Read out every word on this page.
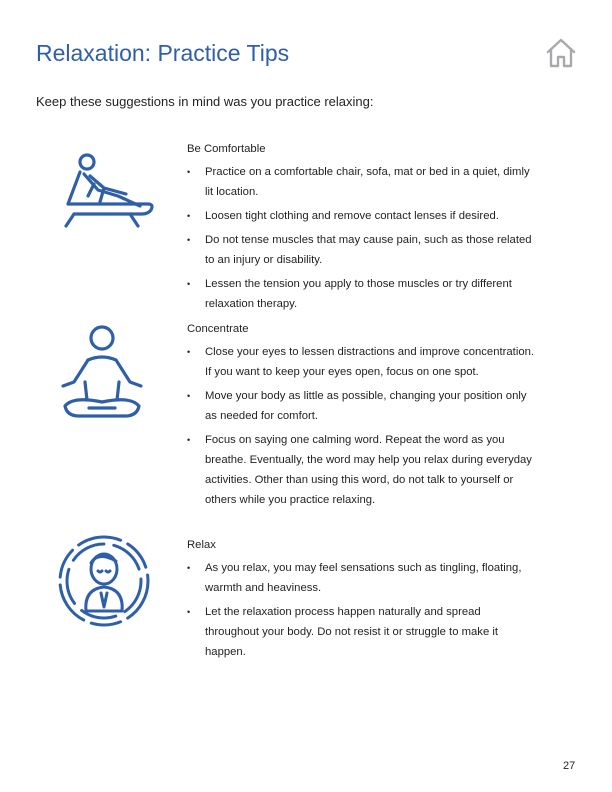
Relaxation: Practice Tips
Keep these suggestions in mind was you practice relaxing:
Be Comfortable
• Practice on a comfortable chair, sofa, mat or bed in a quiet, dimly lit location.
• Loosen tight clothing and remove contact lenses if desired.
• Do not tense muscles that may cause pain, such as those related to an injury or disability.
• Lessen the tension you apply to those muscles or try different relaxation therapy.
Concentrate
• Close your eyes to lessen distractions and improve concentration. If you want to keep your eyes open, focus on one spot.
• Move your body as little as possible, changing your position only as needed for comfort.
• Focus on saying one calming word. Repeat the word as you breathe. Eventually, the word may help you relax during everyday activities. Other than using this word, do not talk to yourself or others while you practice relaxing.
Relax
• As you relax, you may feel sensations such as tingling, floating, warmth and heaviness.
• Let the relaxation process happen naturally and spread throughout your body. Do not resist it or struggle to make it happen.
27
